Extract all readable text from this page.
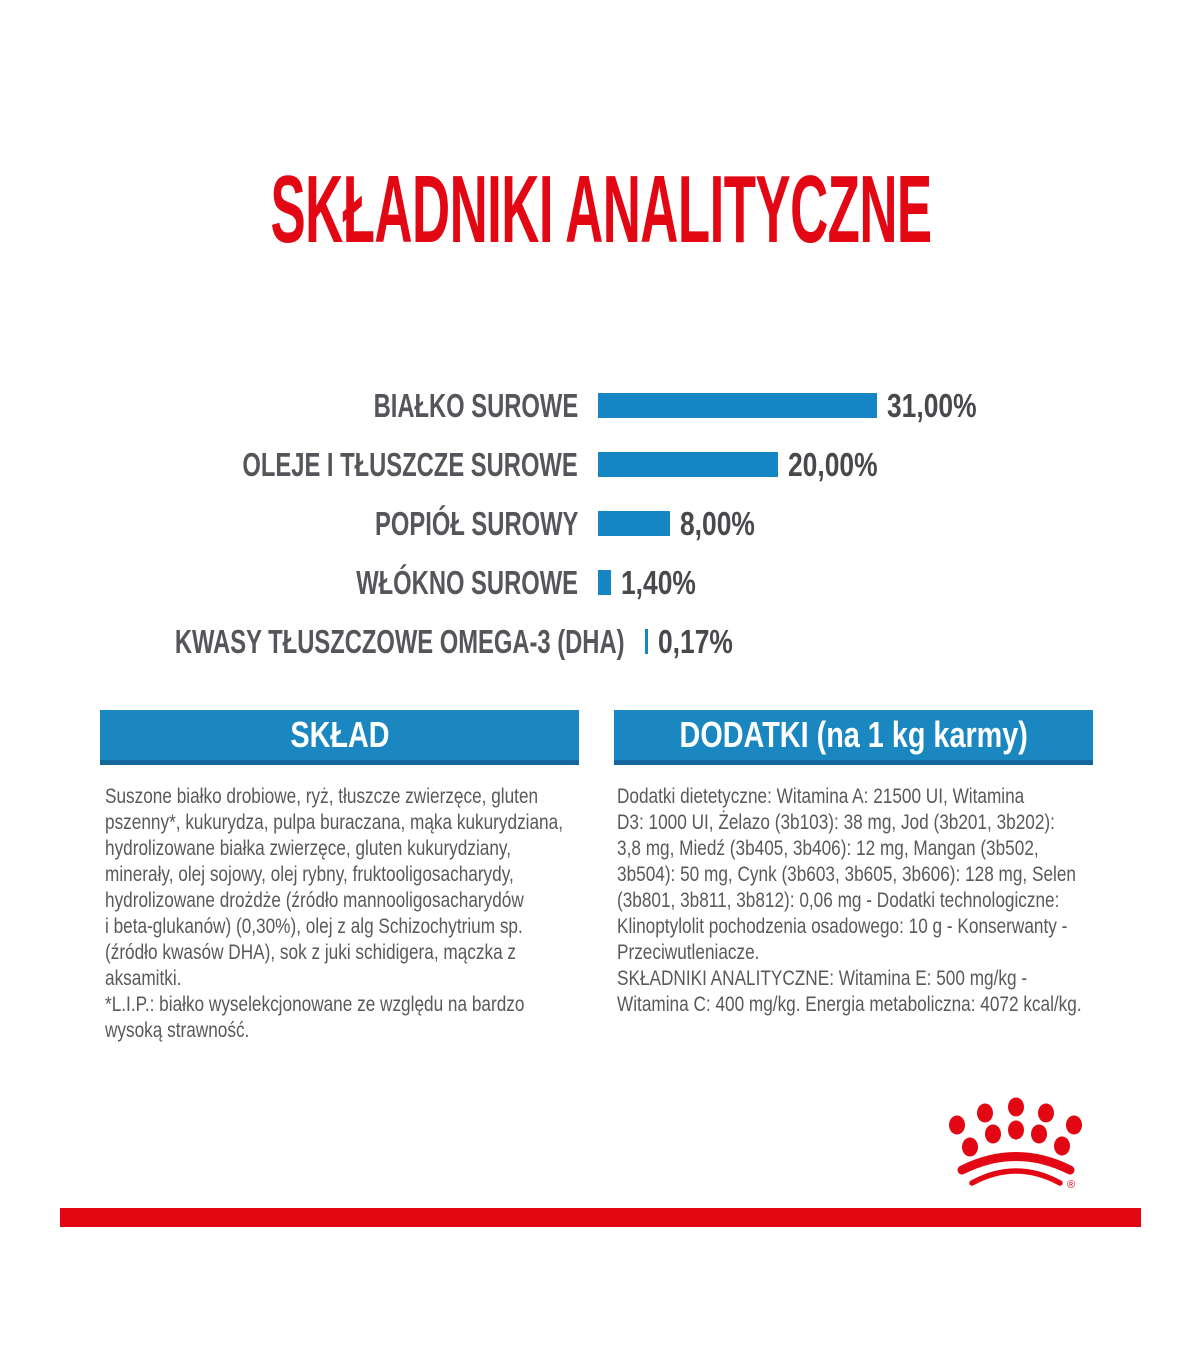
SKŁADNIKI ANALITYCZNE
BIAŁKO SUROWE	31,00%
OLEJE I TŁUSZCZE SUROWE	20,00%
POPIÓŁ SUROWY	8,00%
WŁÓKNO SUROWE 1,40%
KWASY TŁUSZCZOWE OMEGA-3 (DHA) 0,17%
SKŁAD	DODATKI (na 1 kg karmy)
Suszone białko drobiowe, ryż, tłuszcze zwierzęce, gluten
pszenny*, kukurydza, pulpa buraczana, mąka kukurydziana,
hydrolizowane białka zwierzęce, gluten kukurydziany,
minerały, olej sojowy, olej rybny, fruktooligosacharydy,
hydrolizowane drożdże (źródło mannooligosacharydów
i beta-glukanów) (0,30%), olej z alg Schizochytrium sp.
(źródło kwasów DHA), sok z juki schidigera, mączka z
aksamitki.
*L.I.P.: białko wyselekcjonowane ze względu na bardzo
wysoką strawność.
Dodatki dietetyczne: Witamina A: 21500 UI, Witamina
D3: 1000 UI, Żelazo (3b103): 38 mg, Jod (3b201, 3b202):
3,8 mg, Miedź (3b405, 3b406): 12 mg, Mangan (3b502,
3b504): 50 mg, Cynk (3b603, 3b605, 3b606): 128 mg, Selen
(3b801, 3b811, 3b812): 0,06 mg - Dodatki technologiczne:
Klinoptylolit pochodzenia osadowego: 10 g - Konserwanty -
Przeciwutleniacze.
SKŁADNIKI ANALITYCZNE: Witamina E: 500 mg/kg -
Witamina C: 400 mg/kg. Energia metaboliczna: 4072 kcal/kg.
®
